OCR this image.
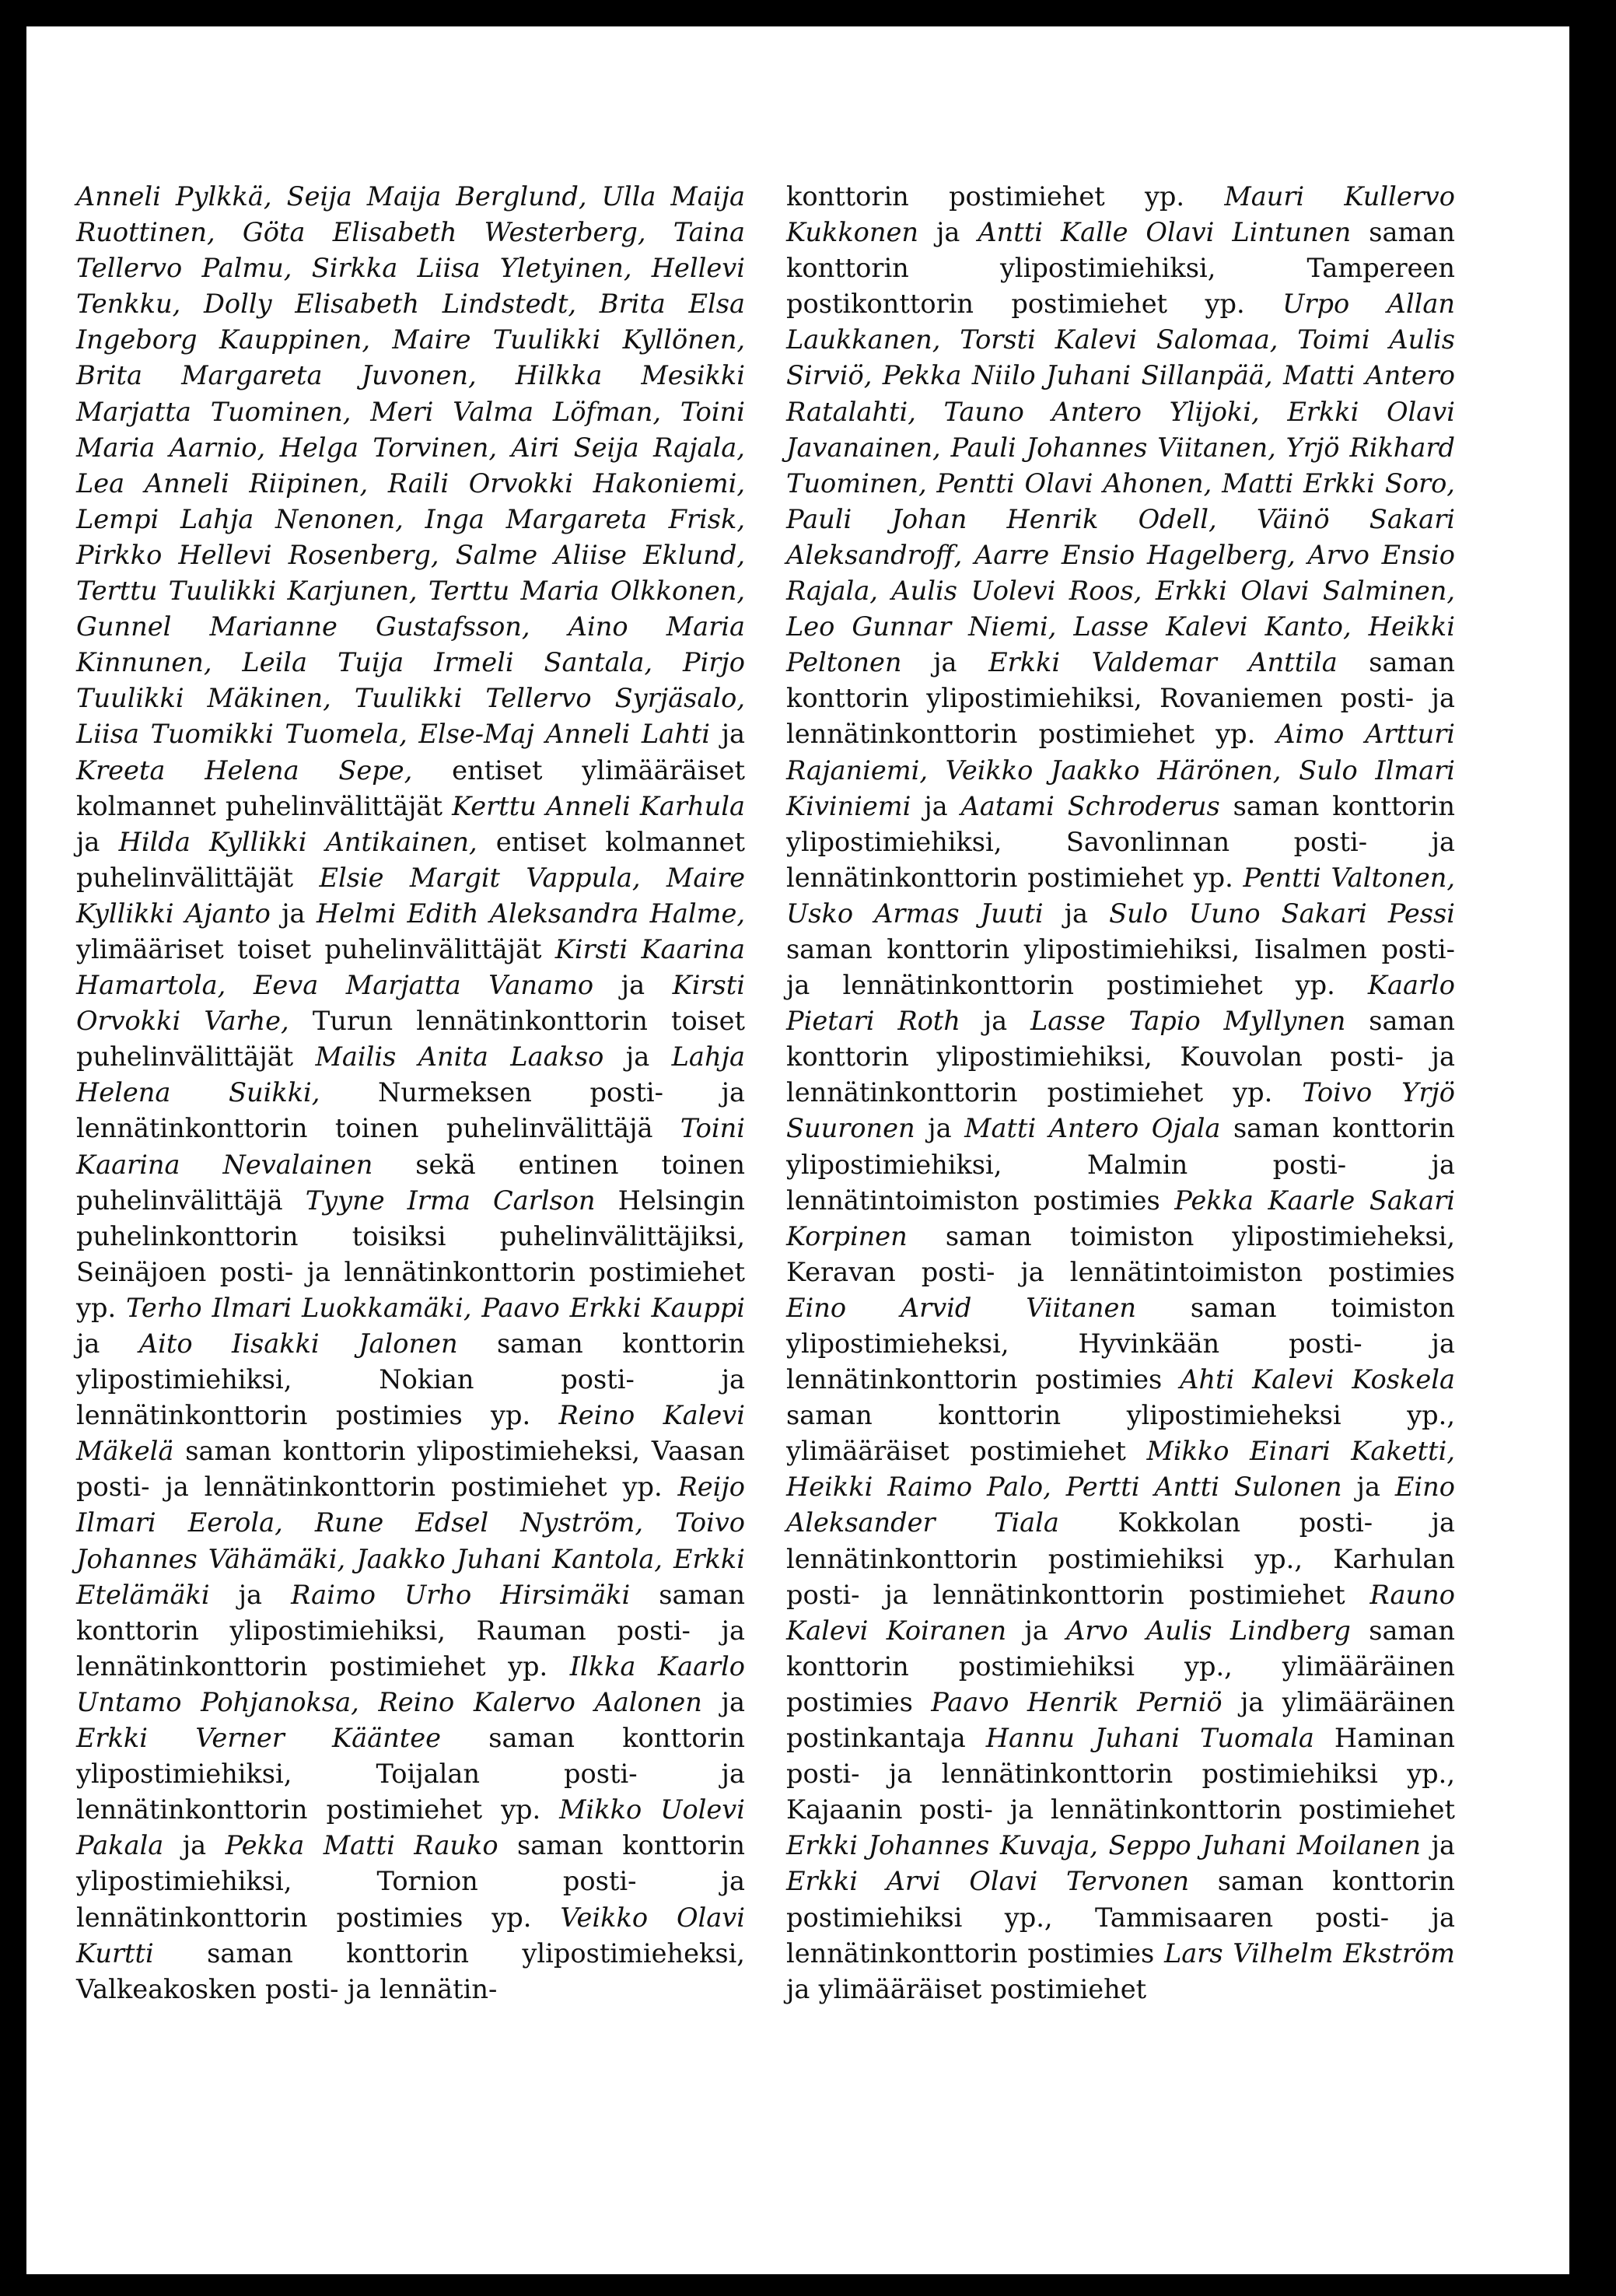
Anneli Pylkkä, Seija Maija Berglund, Ulla Maija Ruottinen, Göta Elisabeth Westerberg, Taina Tellervo Palmu, Sirkka Liisa Yletyinen, Hellevi Tenkku, Dolly Elisabeth Lindstedt, Brita Elsa Ingeborg Kauppinen, Maire Tuulikki Kyllönen, Brita Margareta Juvonen, Hilkka Mesikki Marjatta Tuominen, Meri Valma Löfman, Toini Maria Aarnio, Helga Torvinen, Airi Seija Rajala, Lea Anneli Riipinen, Raili Orvokki Hakoniemi, Lempi Lahja Nenonen, Inga Margareta Frisk, Pirkko Hellevi Rosenberg, Salme Aliise Eklund, Terttu Tuulikki Karjunen, Terttu Maria Olkkonen, Gunnel Marianne Gustafsson, Aino Maria Kinnunen, Leila Tuija Irmeli Santala, Pirjo Tuulikki Mäkinen, Tuulikki Tellervo Syrjäsalo, Liisa Tuomikki Tuomela, Else-Maj Anneli Lahti ja Kreeta Helena Sepe, entiset ylimääräiset kolmannet puhelinvälittäjät Kerttu Anneli Karhula ja Hilda Kyllikki Antikainen, entiset kolmannet puhelinvälittäjät Elsie Margit Vappula, Maire Kyllikki Ajanto ja Helmi Edith Aleksandra Halme, ylimääriset toiset puhelinvälittäjät Kirsti Kaarina Hamartola, Eeva Marjatta Vanamo ja Kirsti Orvokki Varhe, Turun lennätinkonttorin toiset puhelinvälittäjät Mailis Anita Laakso ja Lahja Helena Suikki, Nurmeksen posti- ja lennätinkonttorin toinen puhelinvälittäjä Toini Kaarina Nevalainen sekä entinen toinen puhelinvälittäjä Tyyne Irma Carlson Helsingin puhelinkonttorin toisiksi puhelinvälittäjiksi, Seinäjoen posti- ja lennätinkonttorin postimiehet yp. Terho Ilmari Luokkamäki, Paavo Erkki Kauppi ja Aito Iisakki Jalonen saman konttorin ylipostimiehiksi, Nokian posti- ja lennätinkonttorin postimies yp. Reino Kalevi Mäkelä saman konttorin ylipostimieheksi, Vaasan posti- ja lennätinkonttorin postimiehet yp. Reijo Ilmari Eerola, Rune Edsel Nyström, Toivo Johannes Vähämäki, Jaakko Juhani Kantola, Erkki Etelämäki ja Raimo Urho Hirsimäki saman konttorin ylipostimiehiksi, Rauman posti- ja lennätinkonttorin postimiehet yp. Ilkka Kaarlo Untamo Pohjanoksa, Reino Kalervo Aalonen ja Erkki Verner Kääntee saman konttorin ylipostimiehiksi, Toijalan posti- ja lennätinkonttorin postimiehet yp. Mikko Uolevi Pakala ja Pekka Matti Rauko saman konttorin ylipostimiehiksi, Tornion posti- ja lennätinkonttorin postimies yp. Veikko Olavi Kurtti saman konttorin ylipostimieheksi, Valkeakosken posti- ja lennätin-
konttorin postimiehet yp. Mauri Kullervo Kukkonen ja Antti Kalle Olavi Lintunen saman konttorin ylipostimiehiksi, Tampereen postikonttorin postimiehet yp. Urpo Allan Laukkanen, Torsti Kalevi Salomaa, Toimi Aulis Sirviö, Pekka Niilo Juhani Sillanpää, Matti Antero Ratalahti, Tauno Antero Ylijoki, Erkki Olavi Javanainen, Pauli Johannes Viitanen, Yrjö Rikhard Tuominen, Pentti Olavi Ahonen, Matti Erkki Soro, Pauli Johan Henrik Odell, Väinö Sakari Aleksandroff, Aarre Ensio Hagelberg, Arvo Ensio Rajala, Aulis Uolevi Roos, Erkki Olavi Salminen, Leo Gunnar Niemi, Lasse Kalevi Kanto, Heikki Peltonen ja Erkki Valdemar Anttila saman konttorin ylipostimiehiksi, Rovaniemen posti- ja lennätinkonttorin postimiehet yp. Aimo Artturi Rajaniemi, Veikko Jaakko Härönen, Sulo Ilmari Kiviniemi ja Aatami Schroderus saman konttorin ylipostimiehiksi, Savonlinnan posti- ja lennätinkonttorin postimiehet yp. Pentti Valtonen, Usko Armas Juuti ja Sulo Uuno Sakari Pessi saman konttorin ylipostimiehiksi, Iisalmen posti- ja lennätinkonttorin postimiehet yp. Kaarlo Pietari Roth ja Lasse Tapio Myllynen saman konttorin ylipostimiehiksi, Kouvolan posti- ja lennätinkonttorin postimiehet yp. Toivo Yrjö Suuronen ja Matti Antero Ojala saman konttorin ylipostimiehiksi, Malmin posti- ja lennätintoimiston postimies Pekka Kaarle Sakari Korpinen saman toimiston ylipostimieheksi, Keravan posti- ja lennätintoimiston postimies Eino Arvid Viitanen saman toimiston ylipostimieheksi, Hyvinkään posti- ja lennätinkonttorin postimies Ahti Kalevi Koskela saman konttorin ylipostimieheksi yp., ylimääräiset postimiehet Mikko Einari Kaketti, Heikki Raimo Palo, Pertti Antti Sulonen ja Eino Aleksander Tiala Kokkolan posti- ja lennätinkonttorin postimiehiksi yp., Karhulan posti- ja lennätinkonttorin postimiehet Rauno Kalevi Koiranen ja Arvo Aulis Lindberg saman konttorin postimiehiksi yp., ylimääräinen postimies Paavo Henrik Perniö ja ylimääräinen postinkantaja Hannu Juhani Tuomala Haminan posti- ja lennätinkonttorin postimiehiksi yp., Kajaanin posti- ja lennätinkonttorin postimiehet Erkki Johannes Kuvaja, Seppo Juhani Moilanen ja Erkki Arvi Olavi Tervonen saman konttorin postimiehiksi yp., Tammisaaren posti- ja lennätinkonttorin postimies Lars Vilhelm Ekström ja ylimääräiset postimiehet
